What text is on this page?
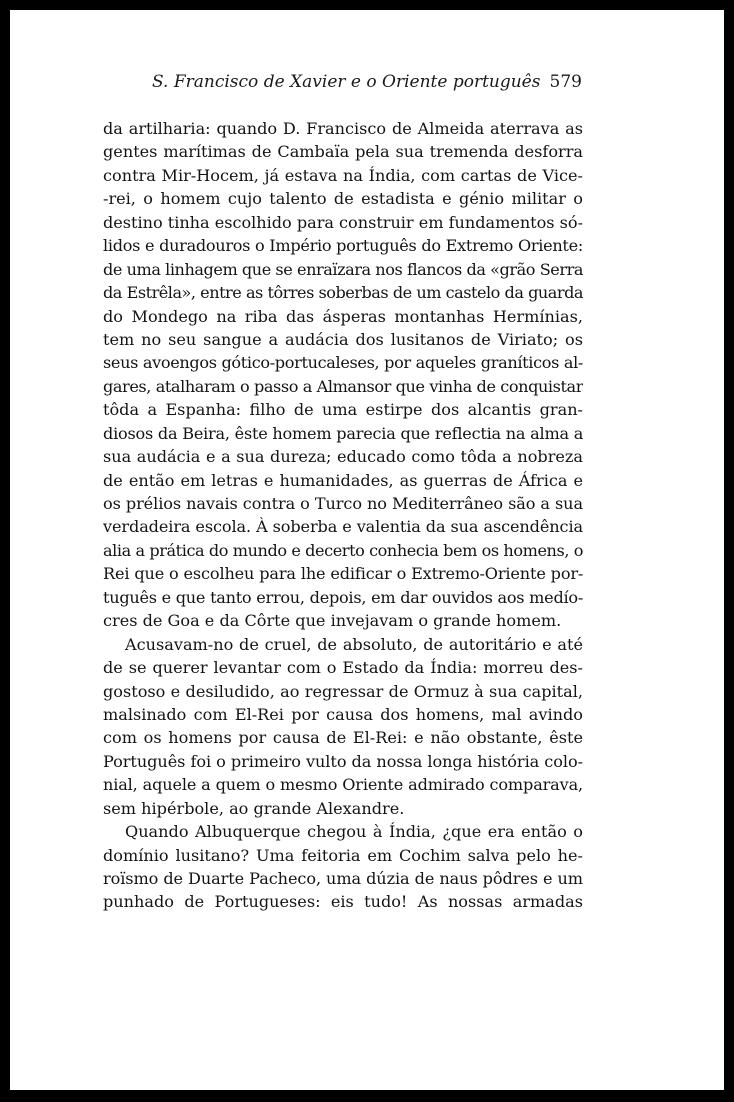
S. Francisco de Xavier e o Oriente português 579
da artilharia: quando D. Francisco de Almeida aterrava as
gentes marítimas de Cambaïa pela sua tremenda desforra
contra Mir-Hocem, já estava na Índia, com cartas de Vice-
-rei, o homem cujo talento de estadista e génio militar o
destino tinha escolhido para construir em fundamentos só-
lidos e duradouros o Império português do Extremo Oriente:
de uma linhagem que se enraïzara nos flancos da «grão Serra
da Estrêla», entre as tôrres soberbas de um castelo da guarda
do Mondego na riba das ásperas montanhas Hermínias,
tem no seu sangue a audácia dos lusitanos de Viriato; os
seus avoengos gótico-portucaleses, por aqueles graníticos al-
gares, atalharam o passo a Almansor que vinha de conquistar
tôda a Espanha: filho de uma estirpe dos alcantis gran-
diosos da Beira, êste homem parecia que reflectia na alma a
sua audácia e a sua dureza; educado como tôda a nobreza
de então em letras e humanidades, as guerras de África e
os prélios navais contra o Turco no Mediterrâneo são a sua
verdadeira escola. À soberba e valentia da sua ascendência
alia a prática do mundo e decerto conhecia bem os homens, o
Rei que o escolheu para lhe edificar o Extremo-Oriente por-
tuguês e que tanto errou, depois, em dar ouvidos aos medío-
cres de Goa e da Côrte que invejavam o grande homem.
Acusavam-no de cruel, de absoluto, de autoritário e até
de se querer levantar com o Estado da Índia: morreu des-
gostoso e desiludido, ao regressar de Ormuz à sua capital,
malsinado com El-Rei por causa dos homens, mal avindo
com os homens por causa de El-Rei: e não obstante, êste
Português foi o primeiro vulto da nossa longa história colo-
nial, aquele a quem o mesmo Oriente admirado comparava,
sem hipérbole, ao grande Alexandre.
Quando Albuquerque chegou à Índia, ¿que era então o
domínio lusitano? Uma feitoria em Cochim salva pelo he-
roïsmo de Duarte Pacheco, uma dúzia de naus pôdres e um
punhado de Portugueses: eis tudo! As nossas armadas
